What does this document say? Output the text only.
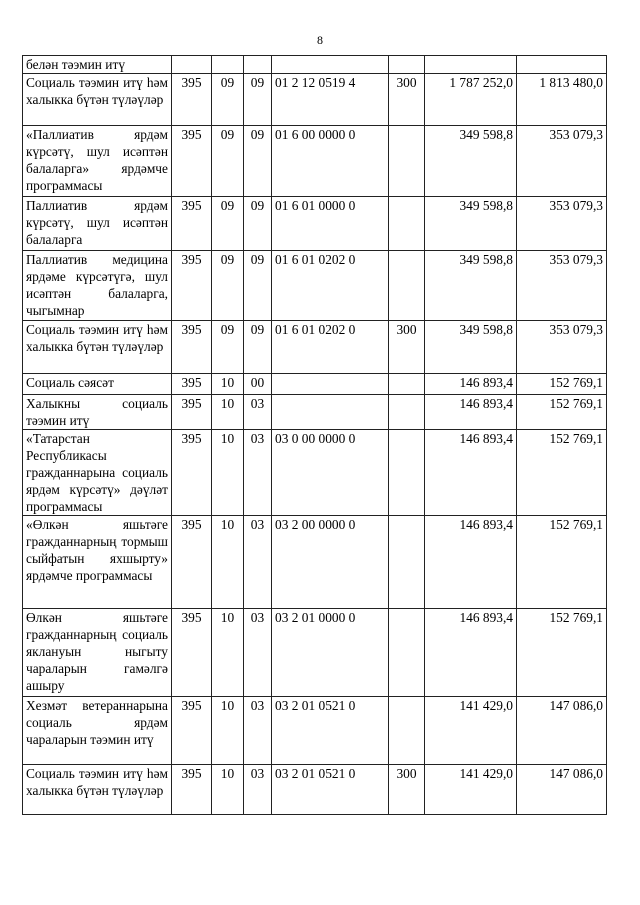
8
белән тәэмин итү							
Социаль тәэмин итү һәм халыкка бүтән түләүләр	395	09	09	01 2 12 0519 4	300	1 787 252,0	1 813 480,0
«Паллиатив ярдәм күрсәтү, шул исәптән балаларга» ярдәмче программасы	395	09	09	01 6 00 0000 0		349 598,8	353 079,3
Паллиатив ярдәм күрсәтү, шул исәптән балаларга	395	09	09	01 6 01 0000 0		349 598,8	353 079,3
Паллиатив медицина ярдәме күрсәтүгә, шул исәптән балаларга, чыгымнар	395	09	09	01 6 01 0202 0		349 598,8	353 079,3
Социаль тәэмин итү һәм халыкка бүтән түләүләр	395	09	09	01 6 01 0202 0	300	349 598,8	353 079,3
Социаль сәясәт	395	10	00			146 893,4	152 769,1
Халыкны социаль тәэмин итү	395	10	03			146 893,4	152 769,1
«Татарстан Республикасы гражданнарына социаль ярдәм күрсәтү» дәүләт программасы	395	10	03	03 0 00 0000 0		146 893,4	152 769,1
«Өлкән яшьтәге гражданнарның тормыш сыйфатын яхшырту» ярдәмче программасы	395	10	03	03 2 00 0000 0		146 893,4	152 769,1
Өлкән яшьтәге гражданнарның социаль яклануын ныгыту чараларын гамәлгә ашыру	395	10	03	03 2 01 0000 0		146 893,4	152 769,1
Хезмәт ветераннарына социаль ярдәм чараларын тәэмин итү	395	10	03	03 2 01 0521 0		141 429,0	147 086,0
Социаль тәэмин итү һәм халыкка бүтән түләүләр	395	10	03	03 2 01 0521 0	300	141 429,0	147 086,0
